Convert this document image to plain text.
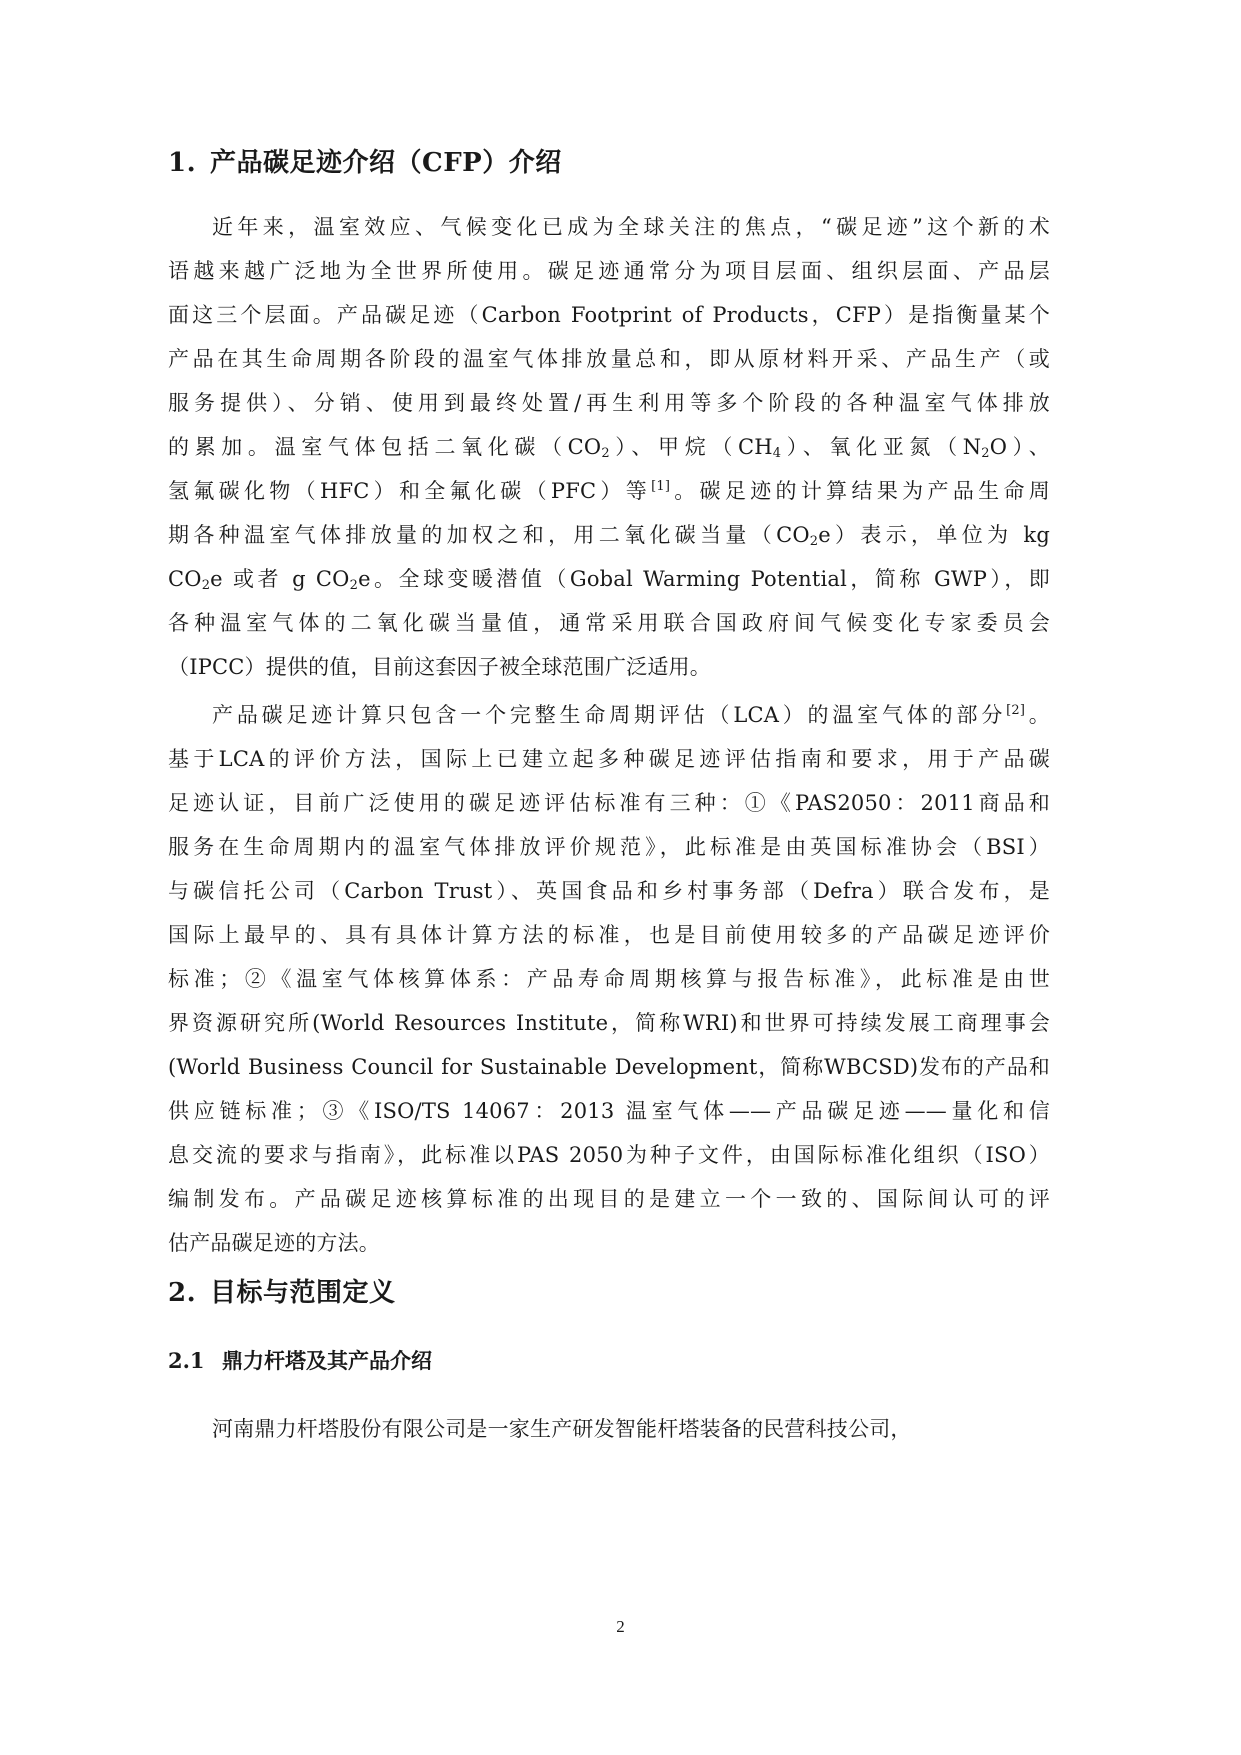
1. 产品碳足迹介绍（CFP）介绍
近年来，温室效应、气候变化已成为全球关注的焦点，“碳足迹”这个新的术
语越来越广泛地为全世界所使用。碳足迹通常分为项目层面、组织层面、产品层
面这三个层面。产品碳足迹（Carbon Footprint of Products，CFP）是指衡量某个
产品在其生命周期各阶段的温室气体排放量总和，即从原材料开采、产品生产（或
服务提供）、分销、使用到最终处置/再生利用等多个阶段的各种温室气体排放
的累加。温室气体包括二氧化碳$(CO_2)$、甲烷$(CH_4)$、氧化亚氮$(N_2O)$、
氢氟碳化物（HFC）和全氟化碳（PFC）等[1]。碳足迹的计算结果为产品生命周
期各种温室气体排放量的加权之和，用二氧化碳当量$(CO_2e)$表示，单位为 kg
$CO_2e$ 或者 g $CO_2e$。全球变暖潜值（Gobal Warming Potential，简称 GWP），即
各种温室气体的二氧化碳当量值，通常采用联合国政府间气候变化专家委员会
（IPCC）提供的值，目前这套因子被全球范围广泛适用。
产品碳足迹计算只包含一个完整生命周期评估（LCA）的温室气体的部分[2]。
基于LCA的评价方法，国际上已建立起多种碳足迹评估指南和要求，用于产品碳
足迹认证，目前广泛使用的碳足迹评估标准有三种：①《PAS2050：2011商品和
服务在生命周期内的温室气体排放评价规范》，此标准是由英国标准协会（BSI）
与碳信托公司（Carbon Trust）、英国食品和乡村事务部（Defra）联合发布，是
国际上最早的、具有具体计算方法的标准，也是目前使用较多的产品碳足迹评价
标准；②《温室气体核算体系：产品寿命周期核算与报告标准》，此标准是由世
界资源研究所(World Resources Institute，简称WRI)和世界可持续发展工商理事会
(World Business Council for Sustainable Development，简称WBCSD)发布的产品和
供应链标准；③《ISO/TS 14067：2013 温室气体——产品碳足迹——量化和信
息交流的要求与指南》，此标准以PAS 2050为种子文件，由国际标准化组织（ISO）
编制发布。产品碳足迹核算标准的出现目的是建立一个一致的、国际间认可的评
估产品碳足迹的方法。
2. 目标与范围定义
2.1 鼎力杆塔及其产品介绍
河南鼎力杆塔股份有限公司是一家生产研发智能杆塔装备的民营科技公司，
2
